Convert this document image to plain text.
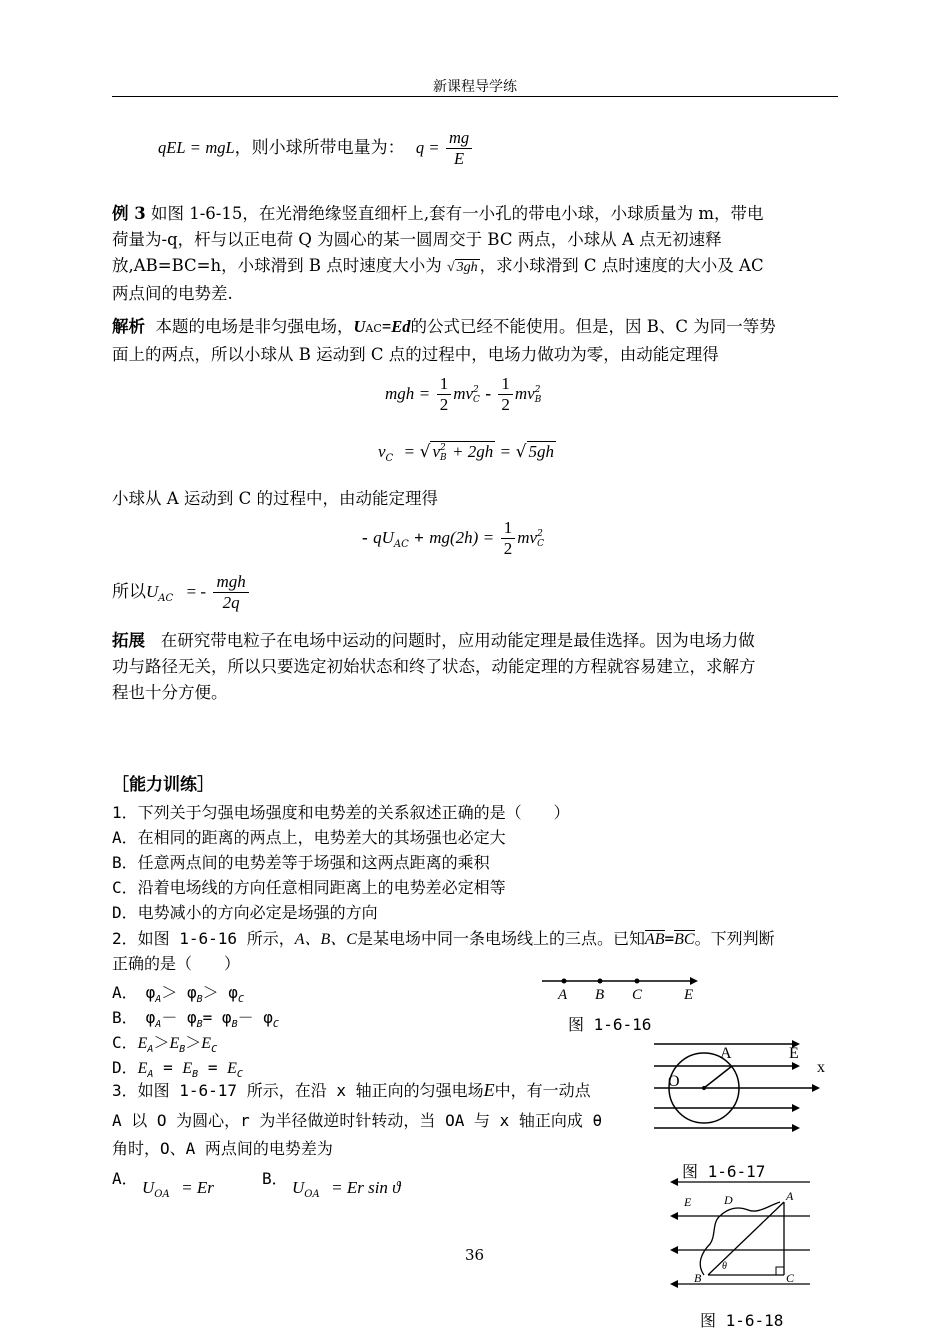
新课程导学练
qEL = mgL，则小球所带电量为： $q = \frac{mg}{E}$
例 3 如图 1-6-15，在光滑绝缘竖直细杆上,套有一小孔的带电小球，小球质量为 m，带电
荷量为-q，杆与以正电荷 Q 为圆心的某一圆周交于 BC 两点，小球从 A 点无初速释
放,AB=BC=h，小球滑到 B 点时速度大小为 √ 3gh ，求小球滑到 C 点时速度的大小及 AC
两点间的电势差.
解析 本题的电场是非匀强电场，UAC=Ed的公式已经不能使用。但是，因 B、C 为同一等势
面上的两点，所以小球从 B 运动到 C 点的过程中，电场力做功为零，由动能定理得
mgh = $\frac{1}{2}$ mv 2
C - $\frac{1}{2}$ mv 2
B
$v_C$ = √ v 2
B + 2gh = √ 5gh
小球从 A 运动到 C 的过程中，由动能定理得
- $qU_{AC} + mg(2h) = \frac{1}{2}$ mv 2
C
所以$U_{AC}$ = - $\frac{\text{mgh}}{2q}$
拓展 在研究带电粒子在电场中运动的问题时，应用动能定理是最佳选择。因为电场力做
功与路径无关，所以只要选定初始状态和终了状态，动能定理的方程就容易建立，求解方
程也十分方便。
［能力训练］
1．下列关于匀强电场强度和电势差的关系叙述正确的是（　　）
A．在相同的距离的两点上，电势差大的其场强也必定大
B．任意两点间的电势差等于场强和这两点距离的乘积
C．沿着电场线的方向任意相同距离上的电势差必定相等
D．电势减小的方向必定是场强的方向
2．如图 1-6-16 所示，A、B、C是某电场中同一条电场线上的三点。已知AB=BC。下列判断
正确的是（　　）
A．　$\varphi_A> \varphi_B> \varphi_C$
B．　$\varphi_A- \varphi_B= \varphi_B- \varphi_C$
C．$E_A>E_B>E_C$
D．$E_A = E_B = E_C$
3．如图 1-6-17 所示，在沿 x 轴正向的匀强电场E中，有一动点
A 以 O 为圆心，r 为半径做逆时针转动，当 OA 与 x 轴正向成 θ
角时，O、A 两点间的电势差为
A． $U_{OA} = Er$	B． $U_{OA} = Er$ sin ϑ
36
A B C	E
图 1-6-16
A	E
x
O
图 1-6-17
E	D	A
B
θ
C
图 1-6-18
